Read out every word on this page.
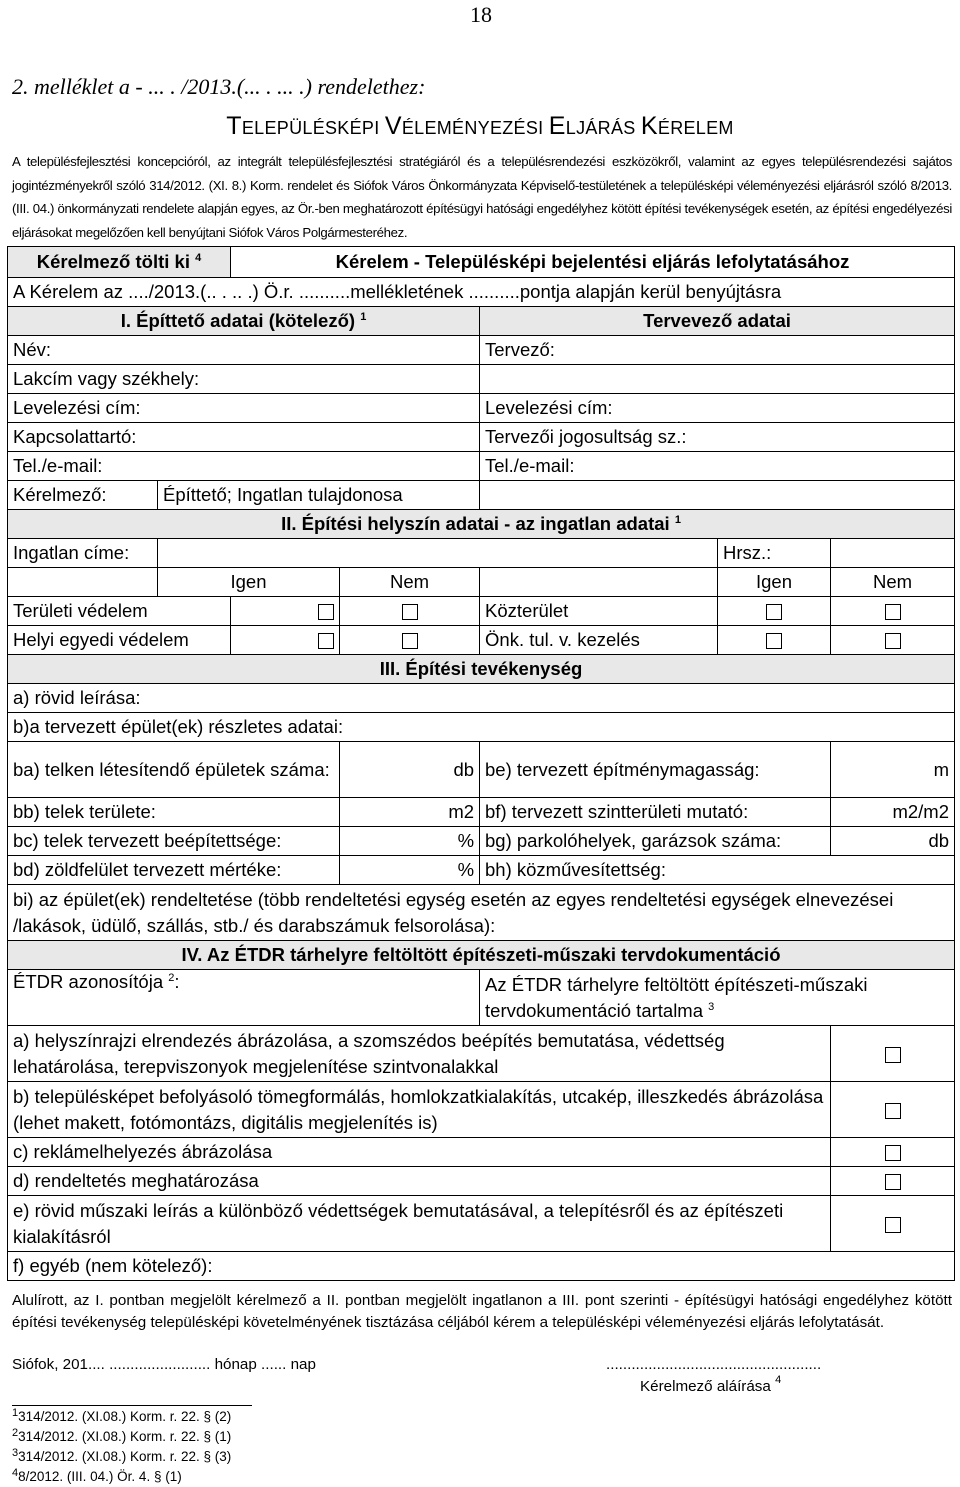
18
2. melléklet a - ... . /2013.(... . ... .) rendelethez:
TELEPÜLÉSKÉPI VÉLEMÉNYEZÉSI ELJÁRÁS KÉRELEM
A településfejlesztési koncepcióról, az integrált településfejlesztési stratégiáról és a településrendezési eszközökről, valamint az egyes településrendezési sajátos jogintézményekről szóló 314/2012. (XI. 8.) Korm. rendelet és Siófok Város Önkormányzata Képviselő-testületének a településképi véleményezési eljárásról szóló 8/2013. (III. 04.) önkormányzati rendelete alapján egyes, az Ör.-ben meghatározott építésügyi hatósági engedélyhez kötött építési tevékenységek esetén, az építési engedélyezési eljárásokat megelőzően kell benyújtani Siófok Város Polgármesteréhez.
Kérelmező tölti ki $^4$		Kérelem - Településképi bejelentési eljárás lefolytatásához				
A Kérelem az ..../2013.(.. . .. .) Ö.r. ..........mellékletének ..........pontja alapján kerül benyújtásra						
I. Építtető adatai (kötelező) $^1$				Tervevező adatai		
Név:				Tervező:		
Lakcím vagy székhely:						
Levelezési cím:				Levelezési cím:		
Kapcsolattartó:				Tervezői jogosultság sz.:		
Tel./e-mail:				Tel./e-mail:		
Kérelmező:	Építtető; Ingatlan tulajdonosa					
II. Építési helyszín adatai - az ingatlan adatai $^1$
Ingatlan címe:					Hrsz.:	
	Igen		Nem		Igen	Nem
Területi védelem				Közterület		
Helyi egyedi védelem				Önk. tul. v. kezelés		
III. Építési tevékenység						
a) rövid leírása:						
b)a tervezett épület(ek) részletes adatai:						
ba) telken létesítendő épületek száma:			db	be) tervezett építménymagasság:		m
bb) telek területe:			m2	bf) tervezett szintterületi mutató:		m2/m2
bc) telek tervezett beépítettsége:			%	bg) parkolóhelyek, garázsok száma:		db
bd) zöldfelület tervezett mértéke:			%	bh) közművesítettség:		
bi) az épület(ek) rendeltetése (több rendeltetési egység esetén az egyes rendeltetési egységek elnevezései /lakások, üdülő, szállás, stb./ és darabszámuk felsorolása):						
IV. Az ÉTDR tárhelyre feltöltött építészeti-műszaki tervdokumentáció						
ÉTDR azonosítója $^2$:				Az ÉTDR tárhelyre feltöltött építészeti-műszaki tervdokumentáció tartalma $^3$
a) helyszínrajzi elrendezés ábrázolása, a szomszédos beépítés bemutatása, védettség lehatárolása, terepviszonyok megjelenítése szintvonalakkal						
b) településképet befolyásoló tömegformálás, homlokzatkialakítás, utcakép, illeszkedés ábrázolása (lehet makett, fotómontázs, digitális megjelenítés is)						
c) reklámelhelyezés ábrázolása						
d) rendeltetés meghatározása						
e) rövid műszaki leírás a különböző védettségek bemutatásával, a telepítésről és az építészeti kialakításról						
f) egyéb (nem kötelező):						
Alulírott, az I. pontban megjelölt kérelmező a II. pontban megjelölt ingatlanon a III. pont szerinti - építésügyi hatósági engedélyhez kötött építési tevékenység településképi követelményének tisztázása céljából kérem a településképi véleményezési eljárás lefolytatását.
Siófok, 201.... ........................ hónap ...... nap	...................................................
Kérelmező aláírása $^4$
$^1$314/2012. (XI.08.) Korm. r. 22. § (2)
$^2$314/2012. (XI.08.) Korm. r. 22. § (1)
$^3$314/2012. (XI.08.) Korm. r. 22. § (3)
$^4$8/2012. (III. 04.) Ör. 4. § (1)
